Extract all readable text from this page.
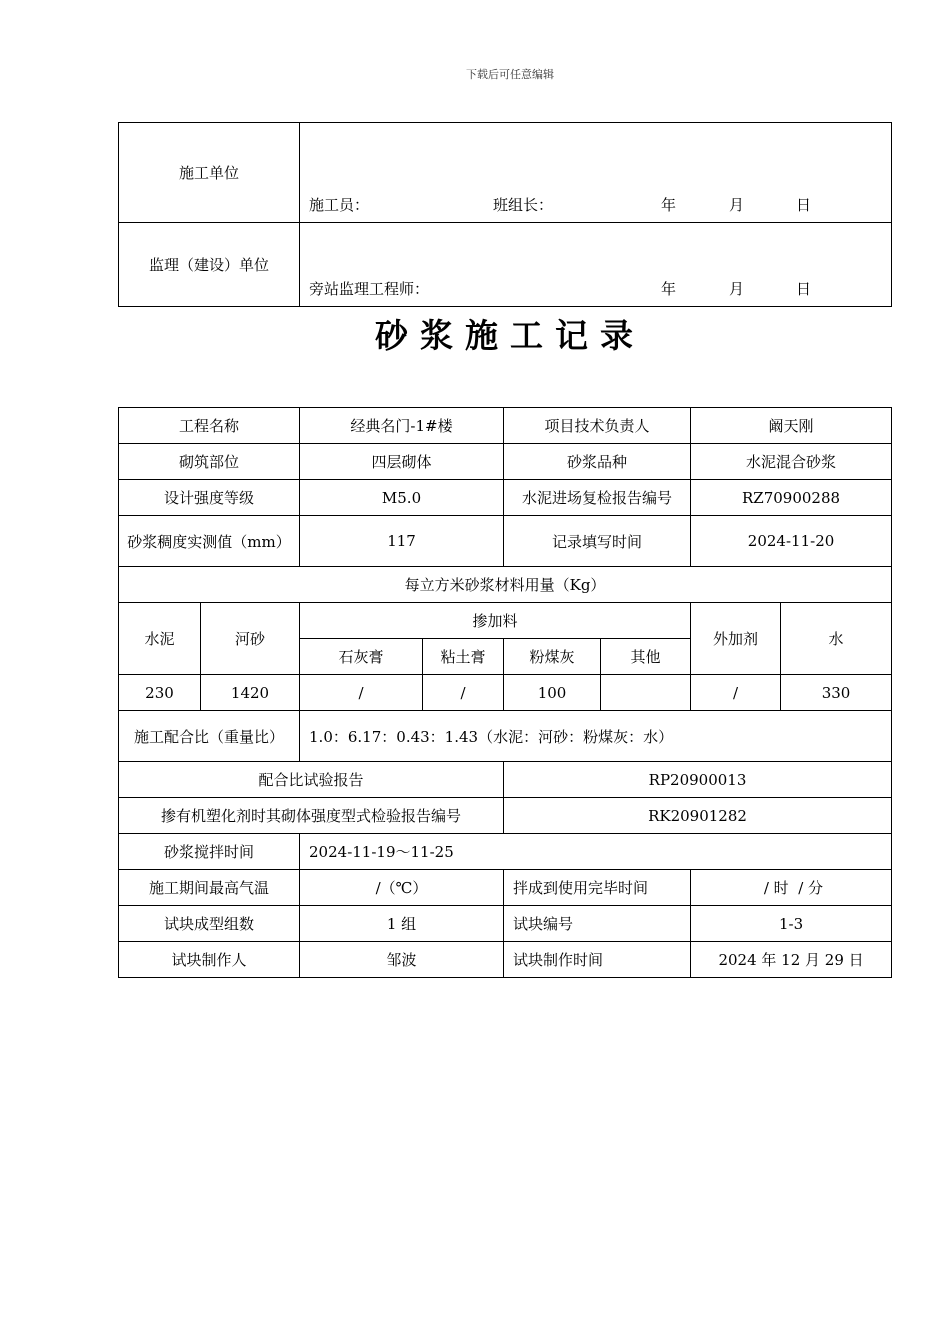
下载后可任意编辑
施工单位	施工员： 班组长： 年 月 日

监理（建设）单位	旁站监理工程师： 年 月 日
砂浆施工记录
工程名称		经典名门-1#楼		项目技术负责人		阚天刚	
砌筑部位		四层砌体		砂浆品种		水泥混合砂浆	
设计强度等级		M5.0		水泥进场复检报告编号		RZ70900288	
砂浆稠度实测值（mm）		117		记录填写时间		2024-11-20	
每立方米砂浆材料用量（Kg）							
水泥	河砂	掺加料				外加剂	水
		石灰膏	粘土膏	粉煤灰	其他		
230	1420	/	/	100		/	330
施工配合比（重量比）		1.0：6.17：0.43：1.43（水泥：河砂：粉煤灰：水）					
配合比试验报告				RP20900013			
掺有机塑化剂时其砌体强度型式检验报告编号				RK20901282			
砂浆搅拌时间		2024-11-19～11-25					
施工期间最高气温		/（℃）		拌成到使用完毕时间		/ 时  / 分	
试块成型组数		1 组		试块编号		1-3	
试块制作人		邹波		试块制作时间		2024 年 12 月 29 日	
